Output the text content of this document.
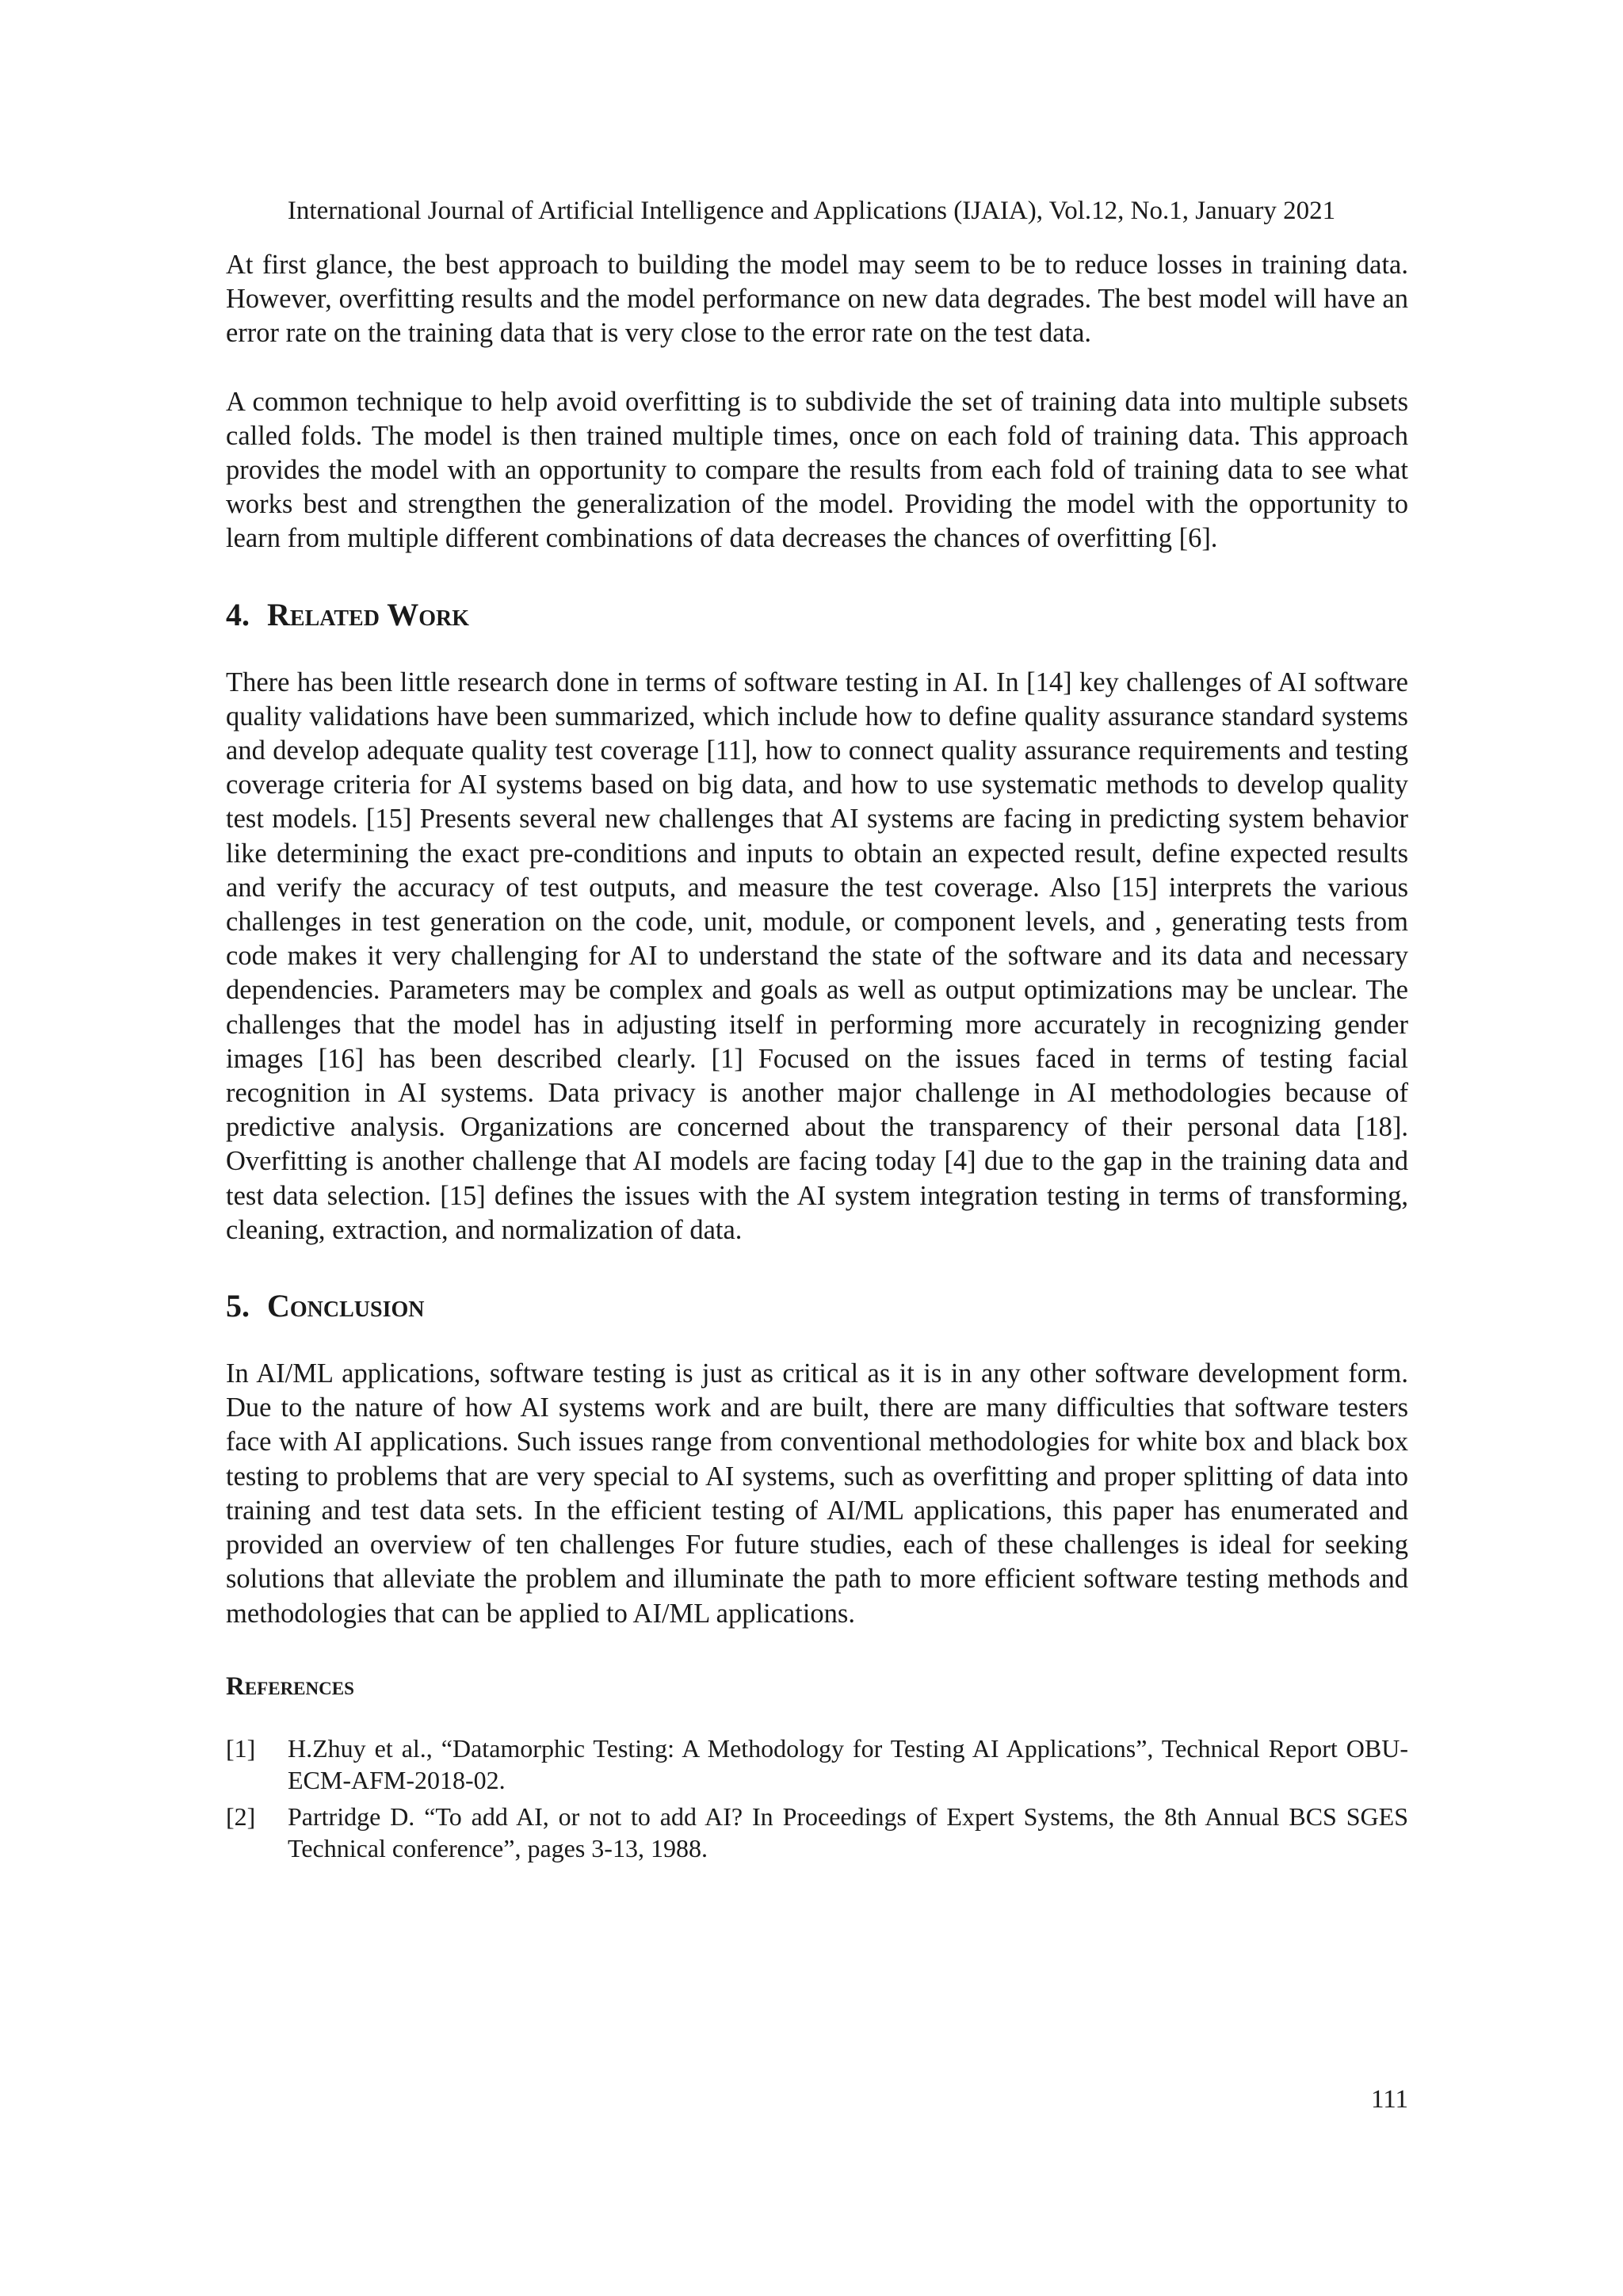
International Journal of Artificial Intelligence and Applications (IJAIA), Vol.12, No.1, January 2021

At first glance, the best approach to building the model may seem to be to reduce losses in training data. However, overfitting results and the model performance on new data degrades. The best model will have an error rate on the training data that is very close to the error rate on the test data.

A common technique to help avoid overfitting is to subdivide the set of training data into multiple subsets called folds. The model is then trained multiple times, once on each fold of training data. This approach provides the model with an opportunity to compare the results from each fold of training data to see what works best and strengthen the generalization of the model. Providing the model with the opportunity to learn from multiple different combinations of data decreases the chances of overfitting [6].

4. Related Work

There has been little research done in terms of software testing in AI. In [14] key challenges of AI software quality validations have been summarized, which include how to define quality assurance standard systems and develop adequate quality test coverage [11], how to connect quality assurance requirements and testing coverage criteria for AI systems based on big data, and how to use systematic methods to develop quality test models. [15] Presents several new challenges that AI systems are facing in predicting system behavior like determining the exact pre-conditions and inputs to obtain an expected result, define expected results and verify the accuracy of test outputs, and measure the test coverage. Also [15] interprets the various challenges in test generation on the code, unit, module, or component levels, and , generating tests from code makes it very challenging for AI to understand the state of the software and its data and necessary dependencies. Parameters may be complex and goals as well as output optimizations may be unclear. The challenges that the model has in adjusting itself in performing more accurately in recognizing gender images [16] has been described clearly. [1] Focused on the issues faced in terms of testing facial recognition in AI systems. Data privacy is another major challenge in AI methodologies because of predictive analysis. Organizations are concerned about the transparency of their personal data [18]. Overfitting is another challenge that AI models are facing today [4] due to the gap in the training data and test data selection. [15] defines the issues with the AI system integration testing in terms of transforming, cleaning, extraction, and normalization of data.

5. Conclusion

In AI/ML applications, software testing is just as critical as it is in any other software development form. Due to the nature of how AI systems work and are built, there are many difficulties that software testers face with AI applications. Such issues range from conventional methodologies for white box and black box testing to problems that are very special to AI systems, such as overfitting and proper splitting of data into training and test data sets. In the efficient testing of AI/ML applications, this paper has enumerated and provided an overview of ten challenges For future studies, each of these challenges is ideal for seeking solutions that alleviate the problem and illuminate the path to more efficient software testing methods and methodologies that can be applied to AI/ML applications.

References
[1]	H.Zhuy et al., “Datamorphic Testing: A Methodology for Testing AI Applications”, Technical Report OBU-ECM-AFM-2018-02.
[2]	Partridge D. “To add AI, or not to add AI? In Proceedings of Expert Systems, the 8th Annual BCS SGES Technical conference”, pages 3-13, 1988.
111
